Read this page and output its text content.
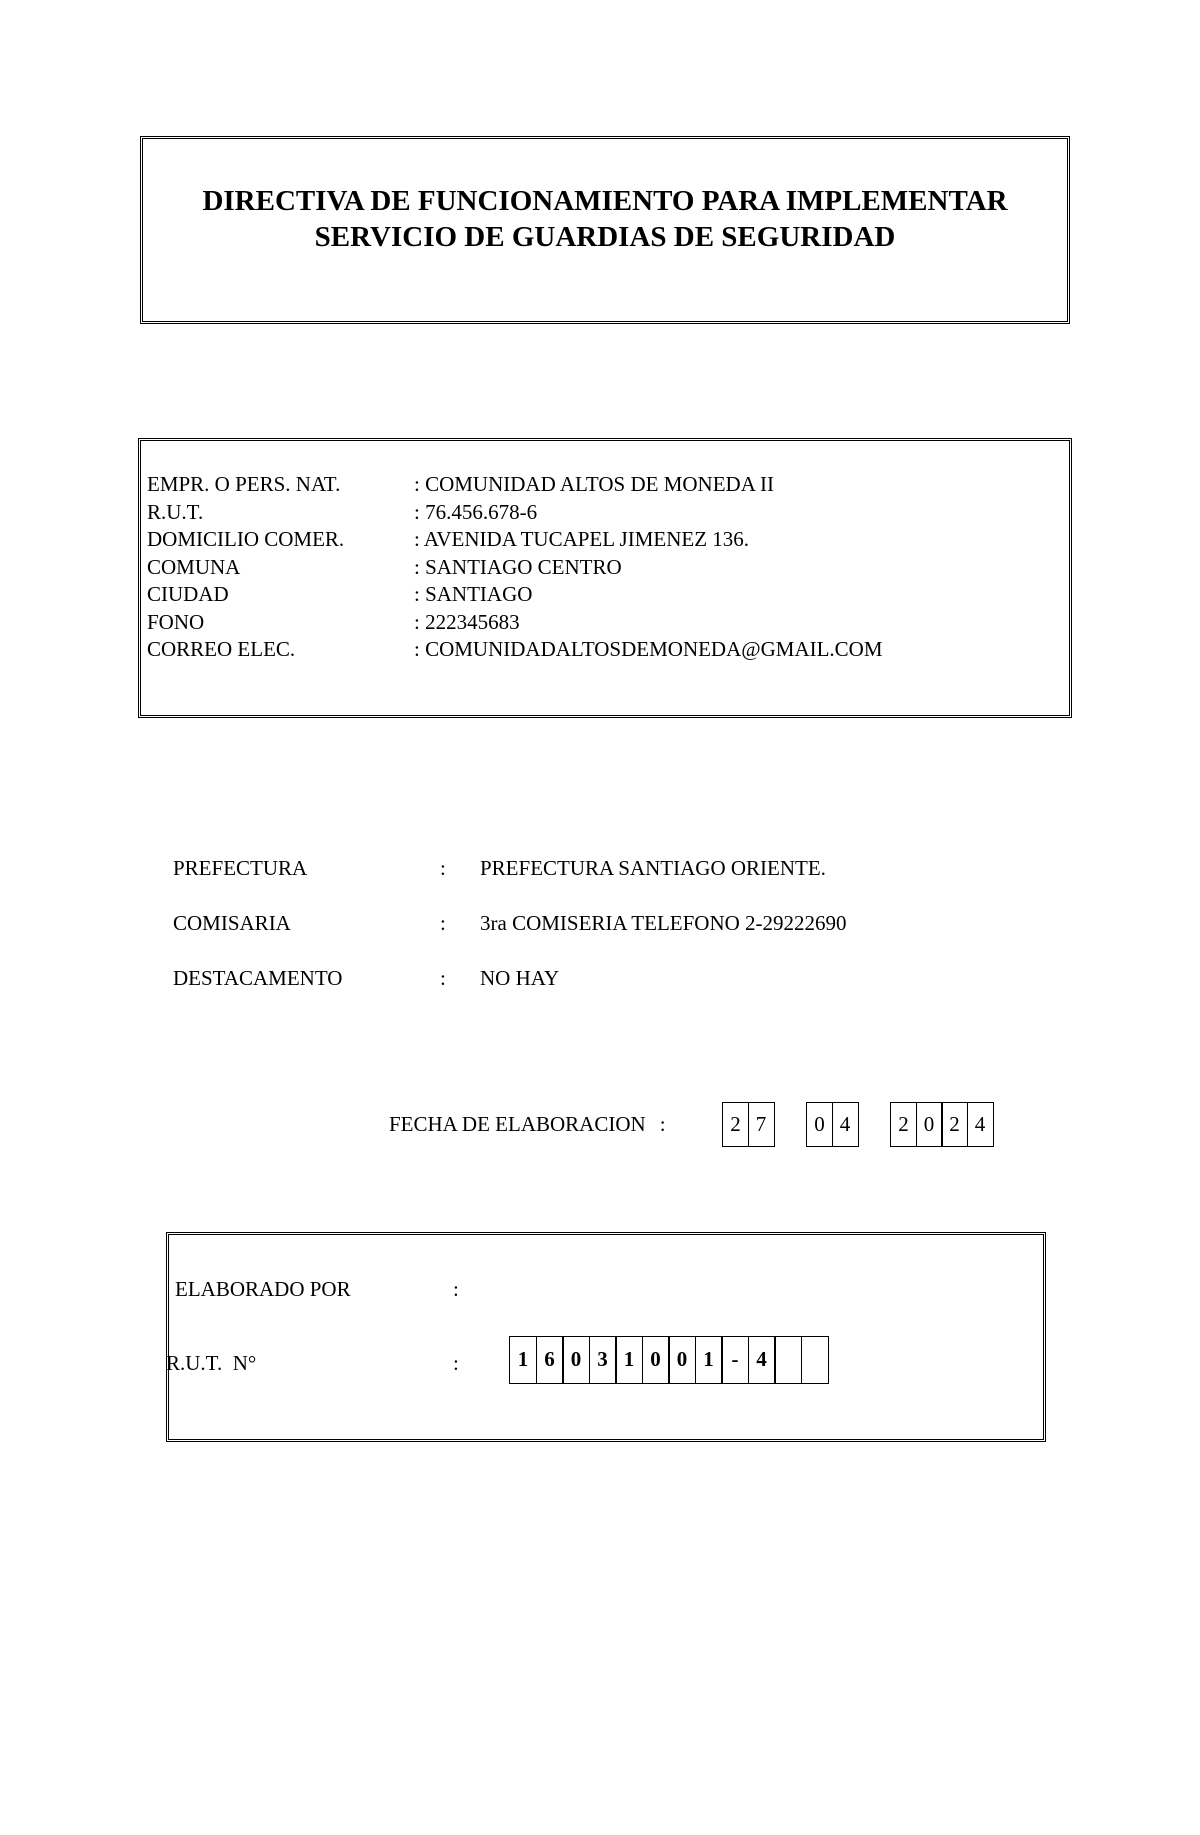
DIRECTIVA DE FUNCIONAMIENTO PARA IMPLEMENTAR
SERVICIO DE GUARDIAS DE SEGURIDAD
EMPR. O PERS. NAT.	: COMUNIDAD ALTOS DE MONEDA II
R.U.T.	: 76.456.678-6
DOMICILIO COMER.	: AVENIDA TUCAPEL JIMENEZ 136.
COMUNA	: SANTIAGO CENTRO
CIUDAD	: SANTIAGO
FONO	: 222345683
CORREO ELEC.	: COMUNIDADALTOSDEMONEDA@GMAIL.COM
PREFECTURA	:	PREFECTURA SANTIAGO ORIENTE.
COMISARIA	:	3ra COMISERIA TELEFONO 2-29222690
DESTACAMENTO	:	NO HAY
FECHA DE ELABORACION :	2 7	0 4	2 0 2 4
ELABORADO POR	:
R.U.T.  N°	:	1 6 0 3 1 0 0 1 - 4
